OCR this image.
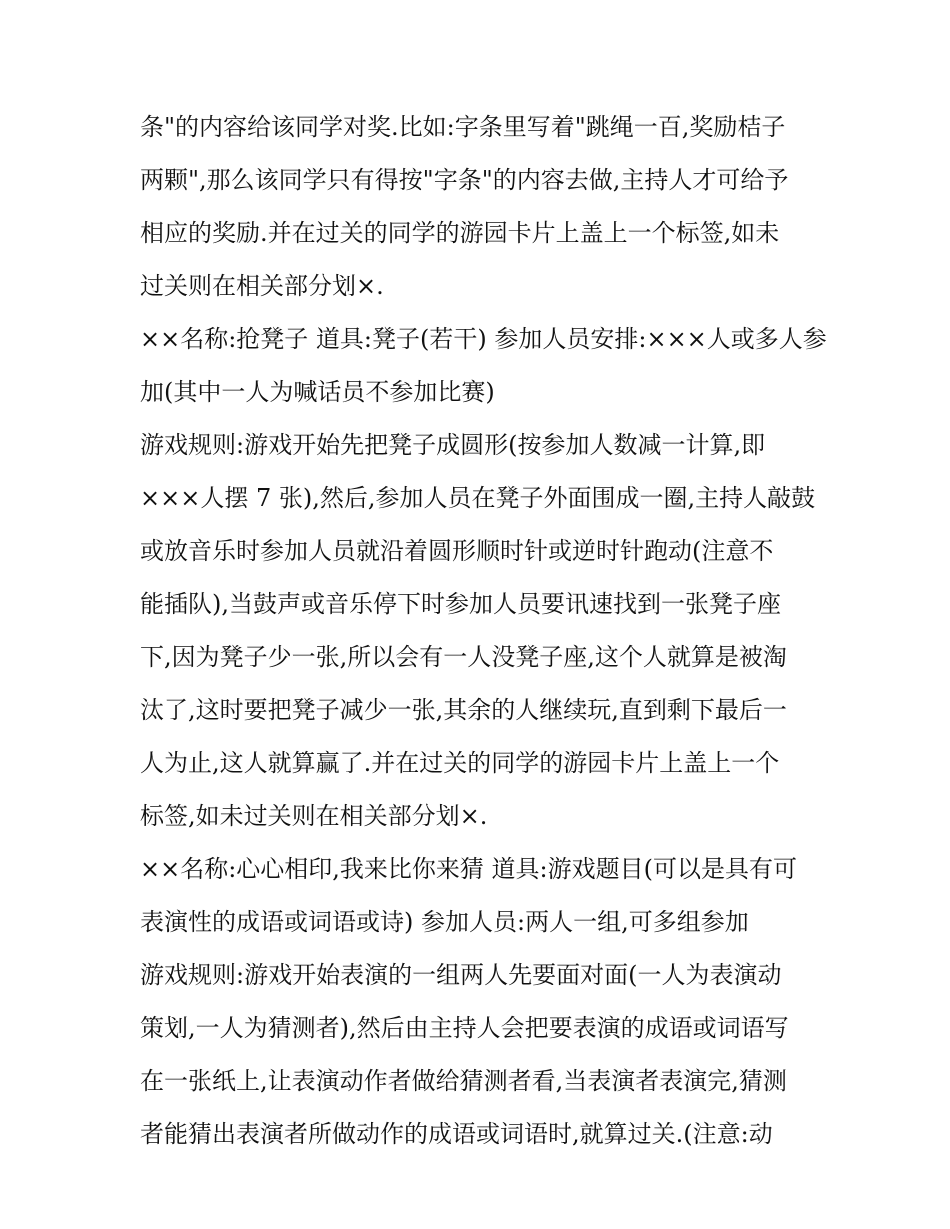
条"的内容给该同学对奖.比如:字条里写着"跳绳一百,奖励桔子
两颗",那么该同学只有得按"字条"的内容去做,主持人才可给予
相应的奖励.并在过关的同学的游园卡片上盖上一个标签,如未
过关则在相关部分划×.
××名称:抢凳子 道具:凳子(若干) 参加人员安排:×××人或多人参
加(其中一人为喊话员不参加比赛)
游戏规则:游戏开始先把凳子成圆形(按参加人数减一计算,即
×××人摆 7 张),然后,参加人员在凳子外面围成一圈,主持人敲鼓
或放音乐时参加人员就沿着圆形顺时针或逆时针跑动(注意不
能插队),当鼓声或音乐停下时参加人员要讯速找到一张凳子座
下,因为凳子少一张,所以会有一人没凳子座,这个人就算是被淘
汰了,这时要把凳子减少一张,其余的人继续玩,直到剩下最后一
人为止,这人就算赢了.并在过关的同学的游园卡片上盖上一个
标签,如未过关则在相关部分划×.
××名称:心心相印,我来比你来猜 道具:游戏题目(可以是具有可
表演性的成语或词语或诗) 参加人员:两人一组,可多组参加
游戏规则:游戏开始表演的一组两人先要面对面(一人为表演动
策划,一人为猜测者),然后由主持人会把要表演的成语或词语写
在一张纸上,让表演动作者做给猜测者看,当表演者表演完,猜测
者能猜出表演者所做动作的成语或词语时,就算过关.(注意:动
